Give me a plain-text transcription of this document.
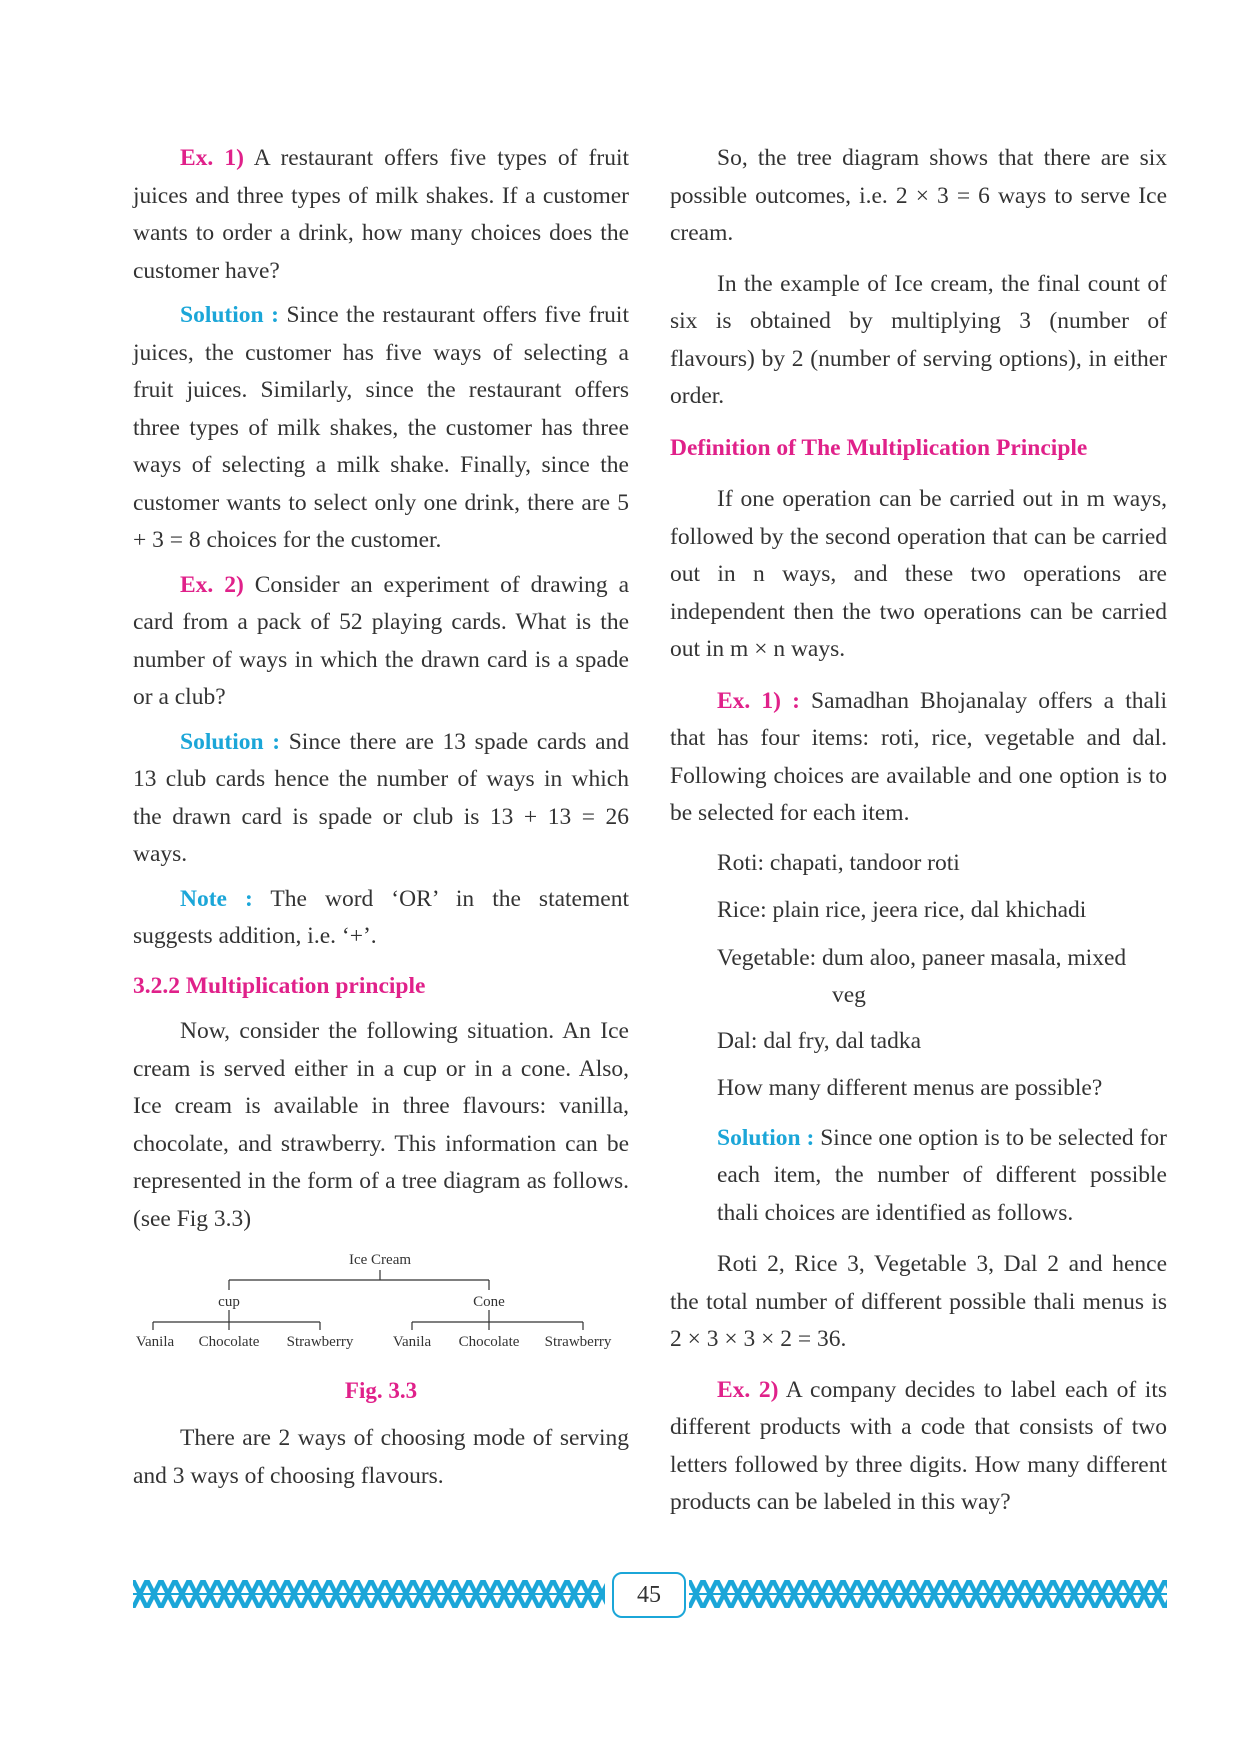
Ex. 1) A restaurant offers five types of fruit juices and three types of milk shakes. If a customer wants to order a drink, how many choices does the customer have?

Solution : Since the restaurant offers five fruit juices, the customer has five ways of selecting a fruit juices. Similarly, since the restaurant offers three types of milk shakes, the customer has three ways of selecting a milk shake. Finally, since the customer wants to select only one drink, there are 5 + 3 = 8 choices for the customer.

Ex. 2) Consider an experiment of drawing a card from a pack of 52 playing cards. What is the number of ways in which the drawn card is a spade or a club?

Solution : Since there are 13 spade cards and 13 club cards hence the number of ways in which the drawn card is spade or club is 13 + 13 = 26 ways.

Note : The word ‘OR’ in the statement suggests addition, i.e. ‘+’.

3.2.2 Multiplication principle

Now, consider the following situation. An Ice cream is served either in a cup or in a cone. Also, Ice cream is available in three flavours: vanilla, chocolate, and strawberry. This information can be represented in the form of a tree diagram as follows. (see Fig 3.3)

Ice Cream
cup	Cone
Vanila Chocolate Strawberry	Vanila Chocolate Strawberry
Fig. 3.3

There are 2 ways of choosing mode of serving and 3 ways of choosing flavours.

So, the tree diagram shows that there are six possible outcomes, i.e. 2 × 3 = 6 ways to serve Ice cream.

In the example of Ice cream, the final count of six is obtained by multiplying 3 (number of flavours) by 2 (number of serving options), in either order.

Definition of The Multiplication Principle

If one operation can be carried out in m ways, followed by the second operation that can be carried out in n ways, and these two operations are independent then the two operations can be carried out in m × n ways.

Ex. 1) : Samadhan Bhojanalay offers a thali that has four items: roti, rice, vegetable and dal. Following choices are available and one option is to be selected for each item.

Roti: chapati, tandoor roti

Rice: plain rice, jeera rice, dal khichadi

Vegetable: dum aloo, paneer masala, mixed

veg

Dal: dal fry, dal tadka

How many different menus are possible?

Solution : Since one option is to be selected for each item, the number of different possible thali choices are identified as follows.

Roti 2, Rice 3, Vegetable 3, Dal 2 and hence the total number of different possible thali menus is 2 × 3 × 3 × 2 = 36.

Ex. 2) A company decides to label each of its different products with a code that consists of two letters followed by three digits. How many different products can be labeled in this way?

45
